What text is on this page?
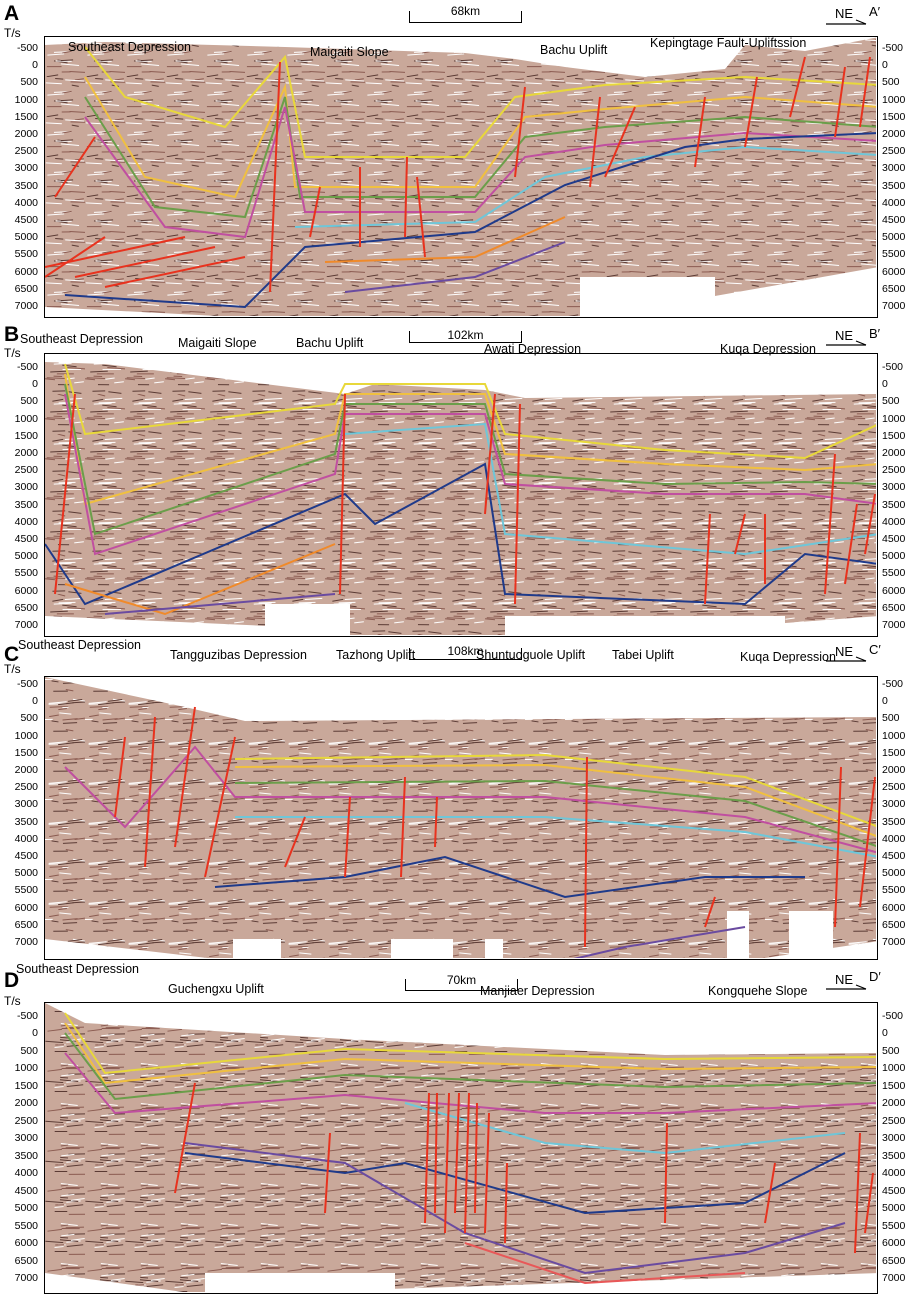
A	68km	NE A′
T/s
Southeast Depression	Maigaiti Slope	Bachu Uplift	Kepingtage Fault-Upliftssion
-500	-500
0	0
500	500
1000	1000
1500	1500
2000	2000
2500	2500
3000	3000
3500	3500
4000	4000
4500	4500
5000	5000
5500	5500
6000	6000
6500	6500
7000	7000
B	102km	NE B′
T/s
Southeast Depression	Maigaiti Slope	Bachu Uplift	Awati Depression	Kuqa Depression
-500	-500
0	0
500	500
1000	1000
1500	1500
2000	2000
2500	2500
3000	3000
3500	3500
4000	4000
4500	4500
5000	5000
5500	5500
6000	6000
6500	6500
7000	7000
C	108km	NE C′
T/s
Southeast Depression
Tangguzibas Depression Tazhong Uplift	Shuntuoguole Uplift Tabei Uplift	Kuqa Depression
-500	-500
0	0
500	500
1000	1000
1500	1500
2000	2000
2500	2500
3000	3000
3500	3500
4000	4000
4500	4500
5000	5000
5500	5500
6000	6000
6500	6500
7000	7000
D	70km	NE D′
T/s
Southeast Depression
Guchengxu Uplift	Manjiaer Depression	Kongquehe Slope
-500	-500
0	0
500	500
1000	1000
1500	1500
2000	2000
2500	2500
3000	3000
3500	3500
4000	4000
4500	4500
5000	5000
5500	5500
6000	6000
6500	6500
7000	7000
